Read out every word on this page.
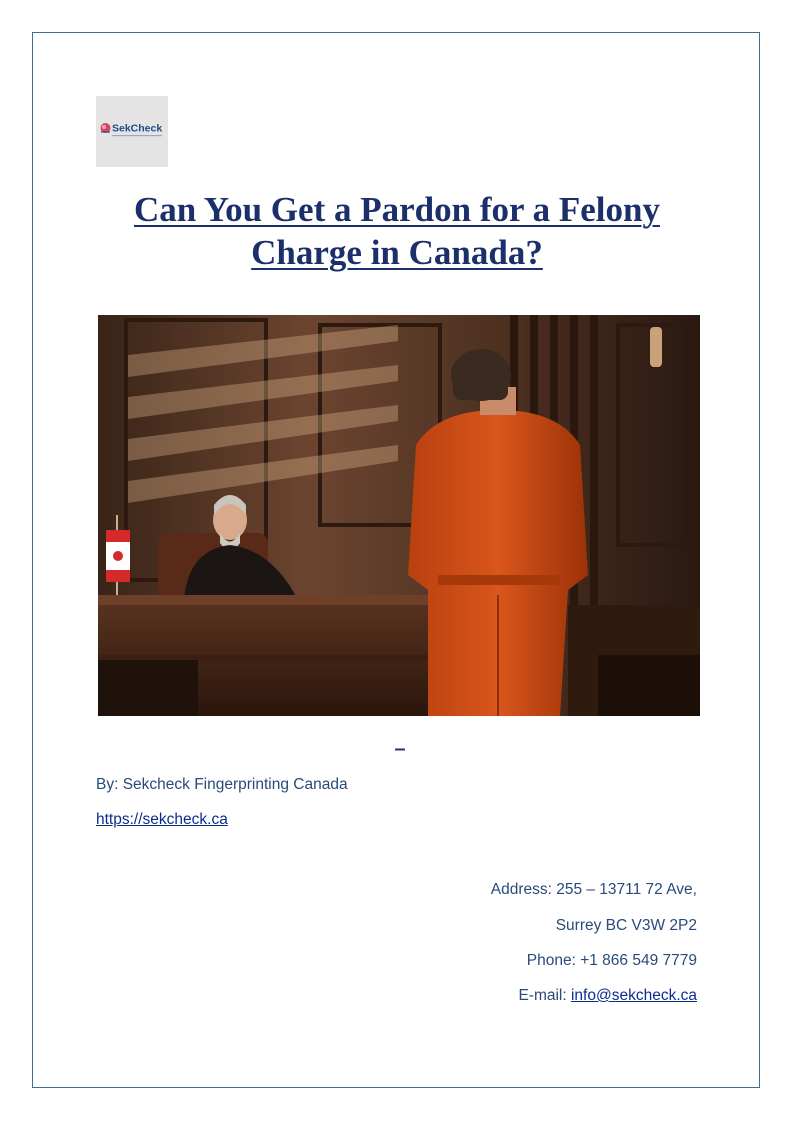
SekCheck
Can You Get a Pardon for a Felony Charge in Canada?
–
By: Sekcheck Fingerprinting Canada
https://sekcheck.ca
Address: 255 – 13711 72 Ave,
Surrey BC V3W 2P2
Phone: +1 866 549 7779
E-mail: info@sekcheck.ca
